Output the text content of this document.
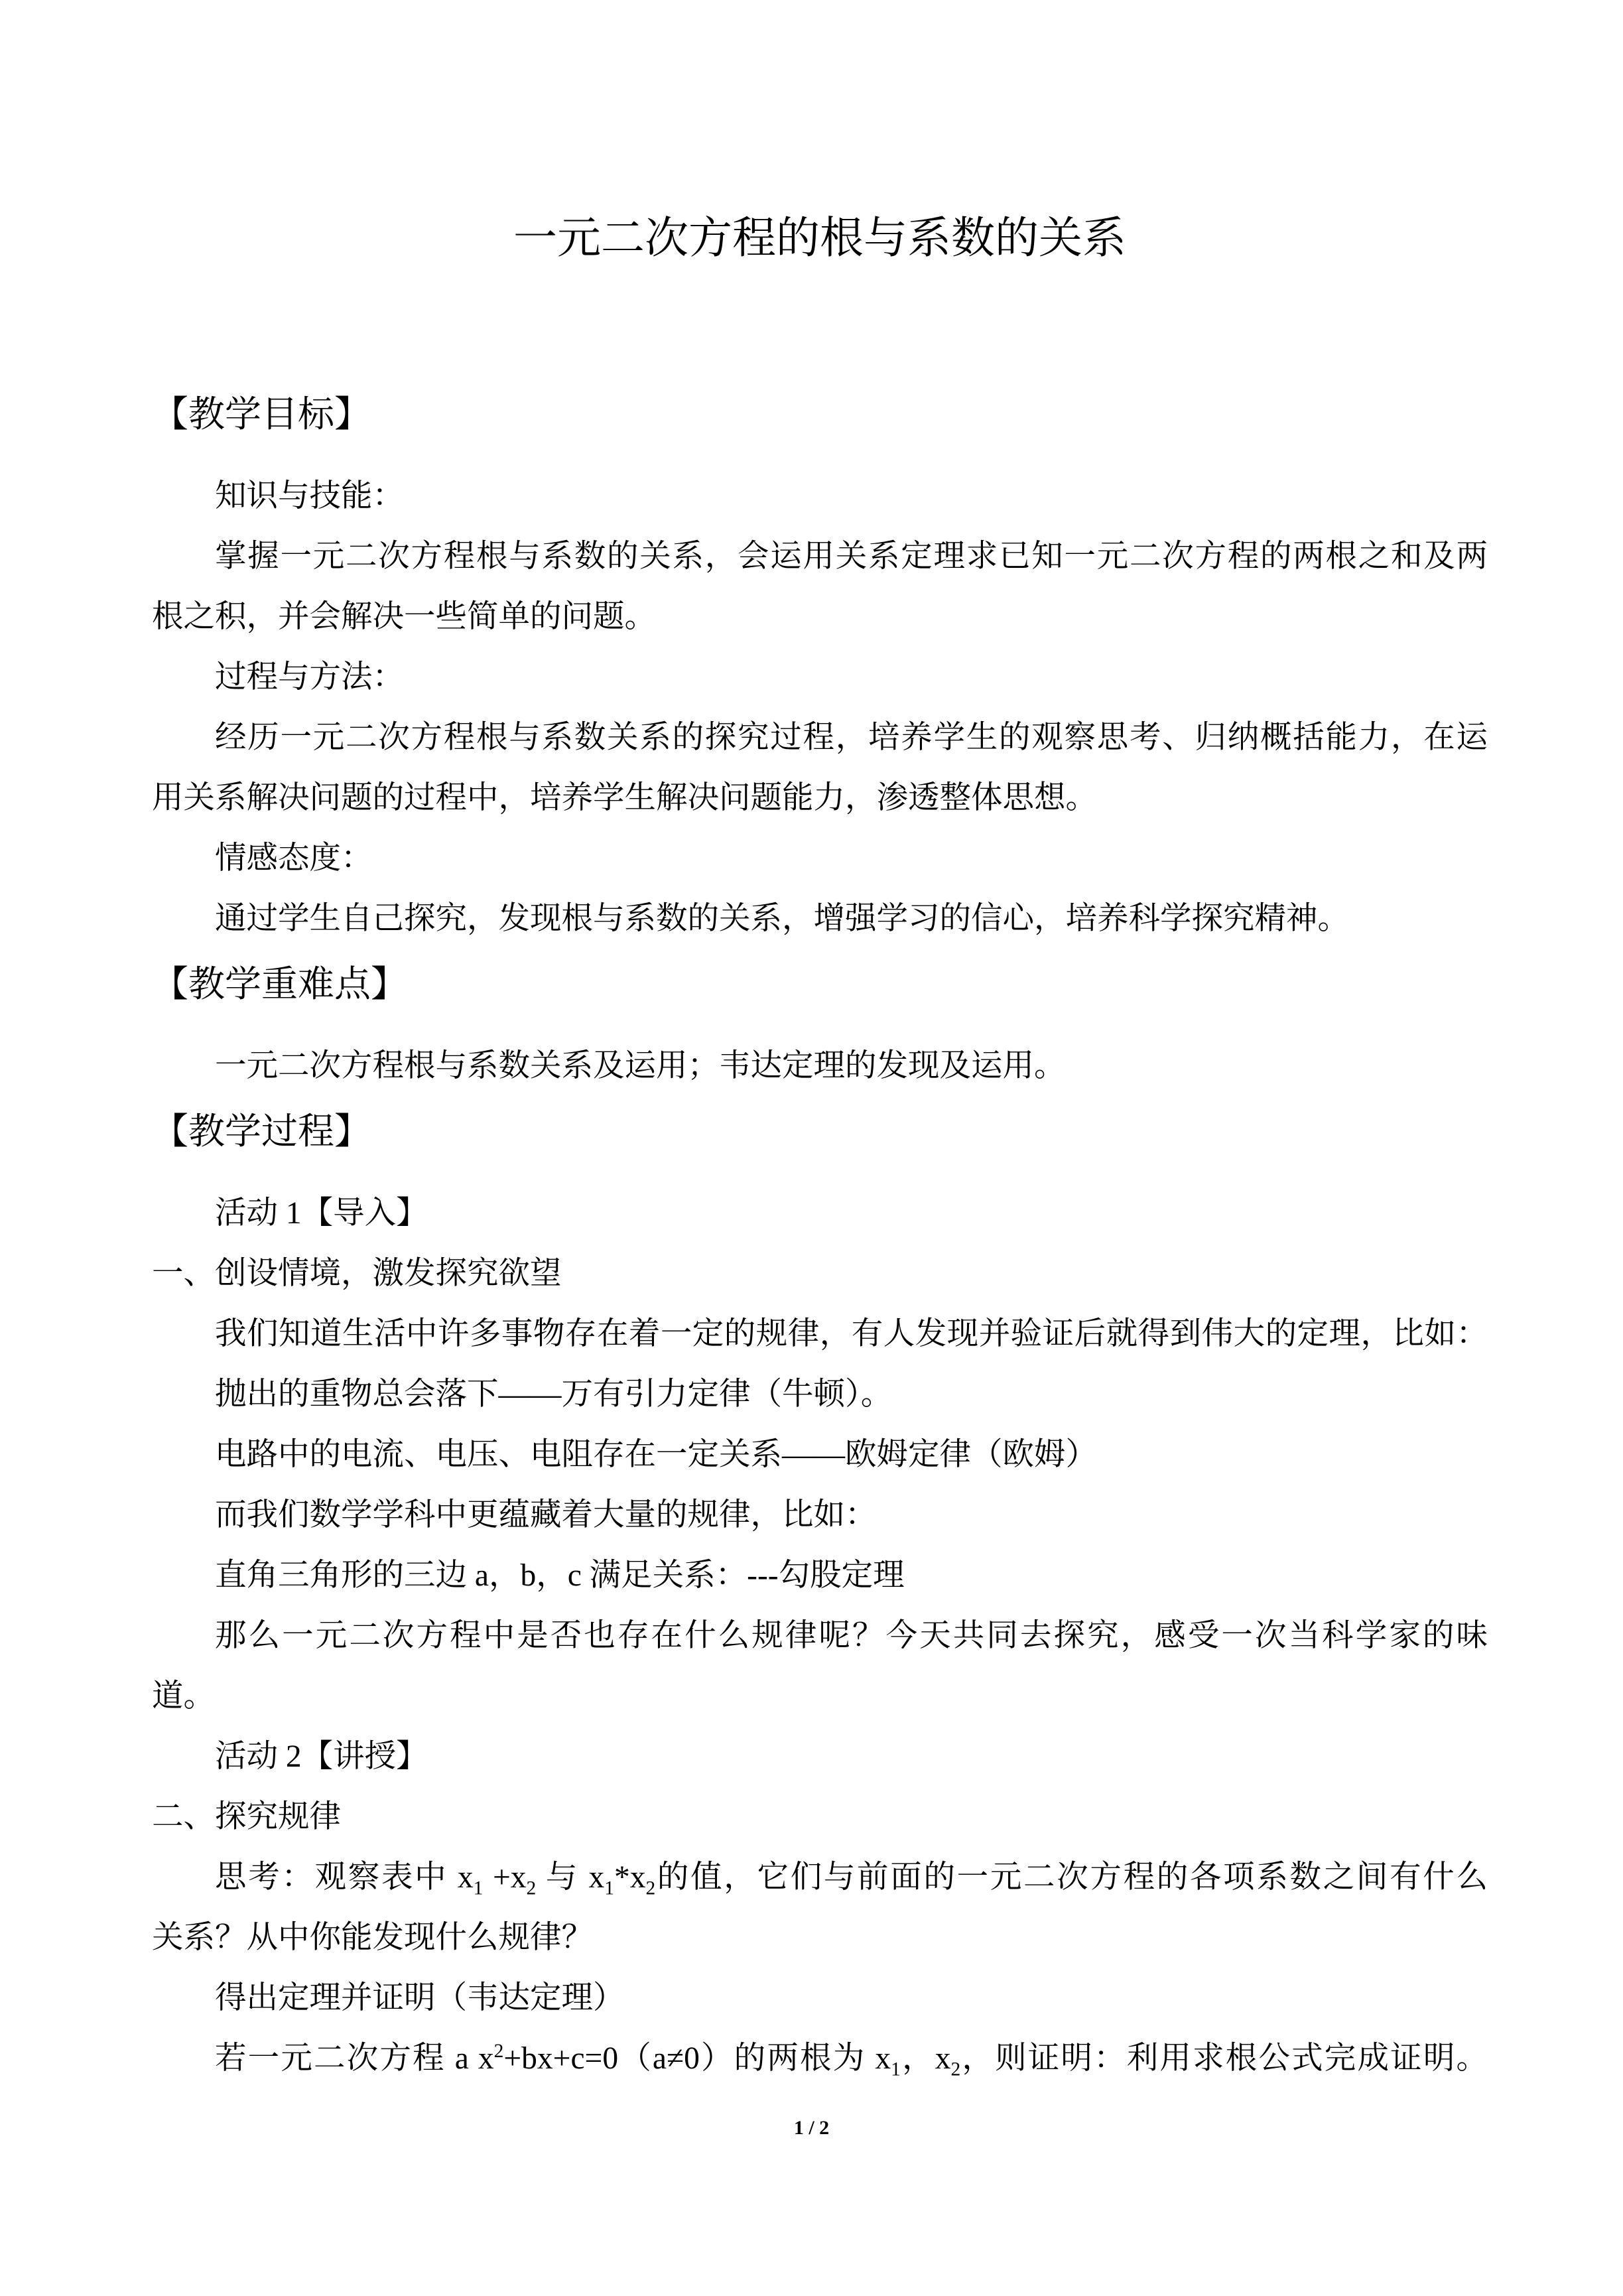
一元二次方程的根与系数的关系
【教学目标】
知识与技能：
掌握一元二次方程根与系数的关系，会运用关系定理求已知一元二次方程的两根之和及两
根之积，并会解决一些简单的问题。
过程与方法：
经历一元二次方程根与系数关系的探究过程，培养学生的观察思考、归纳概括能力，在运
用关系解决问题的过程中，培养学生解决问题能力，渗透整体思想。
情感态度：
通过学生自己探究，发现根与系数的关系，增强学习的信心，培养科学探究精神。
【教学重难点】
一元二次方程根与系数关系及运用；韦达定理的发现及运用。
【教学过程】
活动 1【导入】
一、创设情境，激发探究欲望
我们知道生活中许多事物存在着一定的规律，有人发现并验证后就得到伟大的定理，比如：
抛出的重物总会落下——万有引力定律（牛顿）。
电路中的电流、电压、电阻存在一定关系——欧姆定律（欧姆）
而我们数学学科中更蕴藏着大量的规律，比如：
直角三角形的三边 a，b，c 满足关系：---勾股定理
那么一元二次方程中是否也存在什么规律呢？今天共同去探究，感受一次当科学家的味
道。
活动 2【讲授】
二、探究规律
思考：观察表中 $x_1 +x_2$ 与 $x_1*x_2$的值，它们与前面的一元二次方程的各项系数之间有什么
关系？从中你能发现什么规律？
得出定理并证明（韦达定理）
若一元二次方程 a $x^2+bx+c=0(a\ne 0)$的两根为 $x_1$，$x_2$，则证明：利用求根公式完成证明。
1 / 2
